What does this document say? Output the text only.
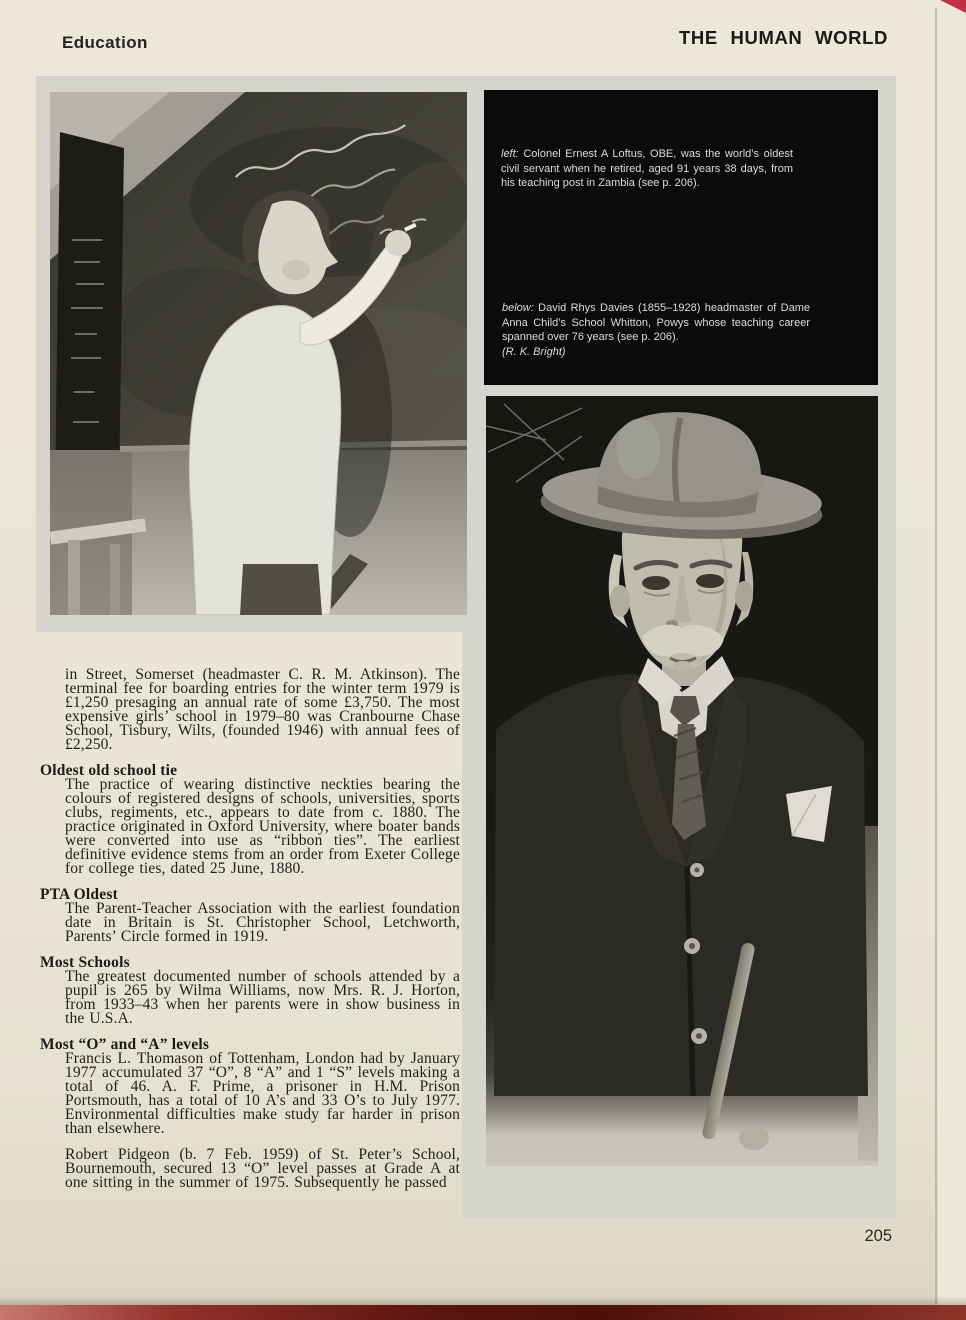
Education	THE HUMAN WORLD

left: Colonel Ernest A Loftus, OBE, was the world’s oldest civil servant when he retired, aged 91 years 38 days, from his teaching post in Zambia (see p. 206).

below: David Rhys Davies (1855–1928) headmaster of Dame Anna Child’s School Whitton, Powys whose teaching career spanned over 76 years (see p. 206).

(R. K. Bright)

in Street, Somerset (headmaster C. R. M. Atkinson). The terminal fee for boarding entries for the winter term 1979 is £1,250 presaging an annual rate of some £3,750. The most expensive girls’ school in 1979–80 was Cranbourne Chase School, Tisbury, Wilts, (founded 1946) with annual fees of £2,250.

Oldest old school tie

The practice of wearing distinctive neckties bearing the colours of registered designs of schools, universities, sports clubs, regiments, etc., appears to date from c. 1880. The practice originated in Oxford University, where boater bands were converted into use as “ribbon ties”. The earliest definitive evidence stems from an order from Exeter College for college ties, dated 25 June, 1880.

PTA Oldest

The Parent-Teacher Association with the earliest foundation date in Britain is St. Christopher School, Letchworth, Parents’ Circle formed in 1919.

Most Schools

The greatest documented number of schools attended by a pupil is 265 by Wilma Williams, now Mrs. R. J. Horton, from 1933–43 when her parents were in show business in the U.S.A.

Most “O” and “A” levels

Francis L. Thomason of Tottenham, London had by January 1977 accumulated 37 “O”, 8 “A” and 1 “S” levels making a total of 46. A. F. Prime, a prisoner in H.M. Prison Portsmouth, has a total of 10 A’s and 33 O’s to July 1977. Environmental difficulties make study far harder in prison than elsewhere.

Robert Pidgeon (b. 7 Feb. 1959) of St. Peter’s School, Bournemouth, secured 13 “O” level passes at Grade A at one sitting in the summer of 1975. Subsequently he passed

205
